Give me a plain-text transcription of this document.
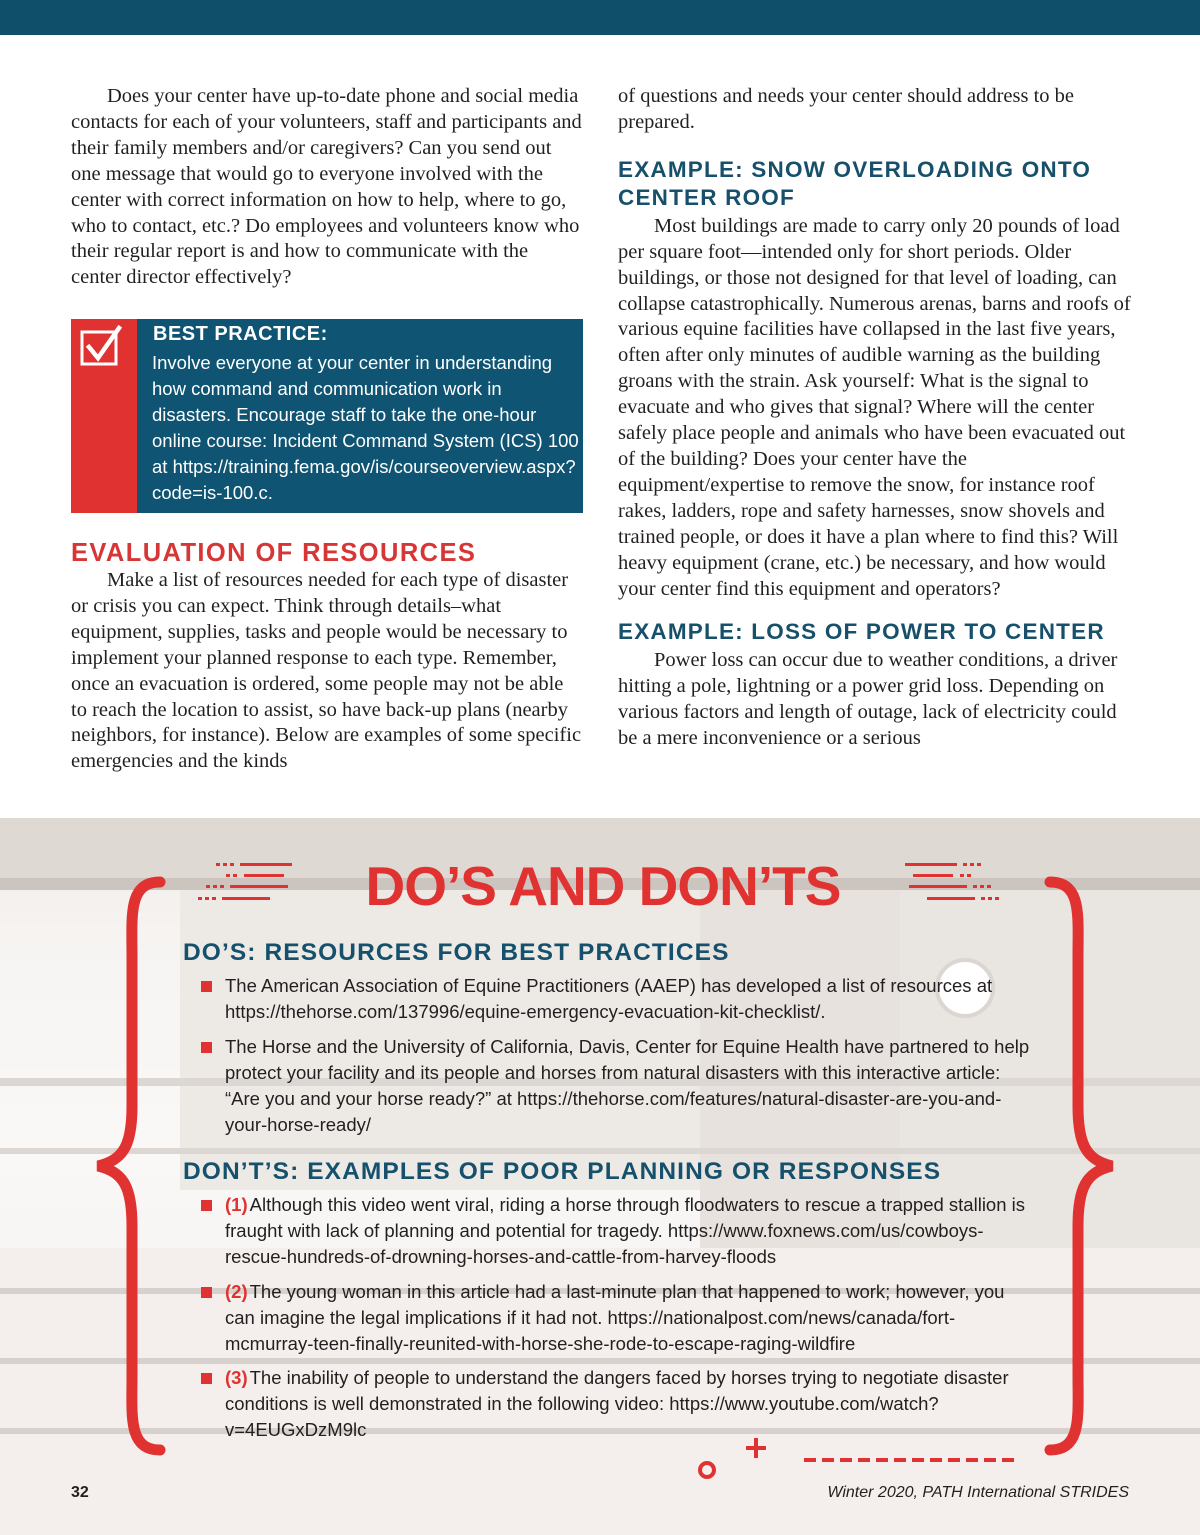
Does your center have up-to-date phone and social media contacts for each of your volunteers, staff and participants and their family members and/or caregivers? Can you send out one message that would go to everyone involved with the center with correct information on how to help, where to go, who to contact, etc.? Do employees and volunteers know who their regular report is and how to communicate with the center director effectively?

BEST PRACTICE:
Involve everyone at your center in understanding how command and communication work in disasters. Encourage staff to take the one-hour online course: Incident Command System (ICS) 100 at https://training.fema.gov/is/courseoverview.aspx?code=is-100.c.
EVALUATION OF RESOURCES

Make a list of resources needed for each type of disaster or crisis you can expect. Think through details–what equipment, supplies, tasks and people would be necessary to implement your planned response to each type. Remember, once an evacuation is ordered, some people may not be able to reach the location to assist, so have back-up plans (nearby neighbors, for instance). Below are examples of some specific emergencies and the kinds

of questions and needs your center should address to be prepared.

EXAMPLE: SNOW OVERLOADING ONTO CENTER ROOF

Most buildings are made to carry only 20 pounds of load per square foot—intended only for short periods. Older buildings, or those not designed for that level of loading, can collapse catastrophically. Numerous arenas, barns and roofs of various equine facilities have collapsed in the last five years, often after only minutes of audible warning as the building groans with the strain. Ask yourself: What is the signal to evacuate and who gives that signal? Where will the center safely place people and animals who have been evacuated out of the building? Does your center have the equipment/expertise to remove the snow, for instance roof rakes, ladders, rope and safety harnesses, snow shovels and trained people, or does it have a plan where to find this? Will heavy equipment (crane, etc.) be necessary, and how would your center find this equipment and operators?

EXAMPLE: LOSS OF POWER TO CENTER

Power loss can occur due to weather conditions, a driver hitting a pole, lightning or a power grid loss. Depending on various factors and length of outage, lack of electricity could be a mere inconvenience or a serious

DO’S AND DON’TS
DO’S: RESOURCES FOR BEST PRACTICES
The American Association of Equine Practitioners (AAEP) has developed a list of resources at https://thehorse.com/137996/equine-emergency-evacuation-kit-checklist/.
The Horse and the University of California, Davis, Center for Equine Health have partnered to help protect your facility and its people and horses from natural disasters with this interactive article: “Are you and your horse ready?” at https://thehorse.com/features/natural-disaster-are-you-and-your-horse-ready/
DON’T’S: EXAMPLES OF POOR PLANNING OR RESPONSES
(1) Although this video went viral, riding a horse through floodwaters to rescue a trapped stallion is fraught with lack of planning and potential for tragedy. https://www.foxnews.com/us/cowboys-rescue-hundreds-of-drowning-horses-and-cattle-from-harvey-floods
(2) The young woman in this article had a last-minute plan that happened to work; however, you can imagine the legal implications if it had not. https://nationalpost.com/news/canada/fort-mcmurray-teen-finally-reunited-with-horse-she-rode-to-escape-raging-wildfire
(3) The inability of people to understand the dangers faced by horses trying to negotiate disaster conditions is well demonstrated in the following video: https://www.youtube.com/watch?v=4EUGxDzM9lc
32	Winter 2020, PATH International STRIDES
